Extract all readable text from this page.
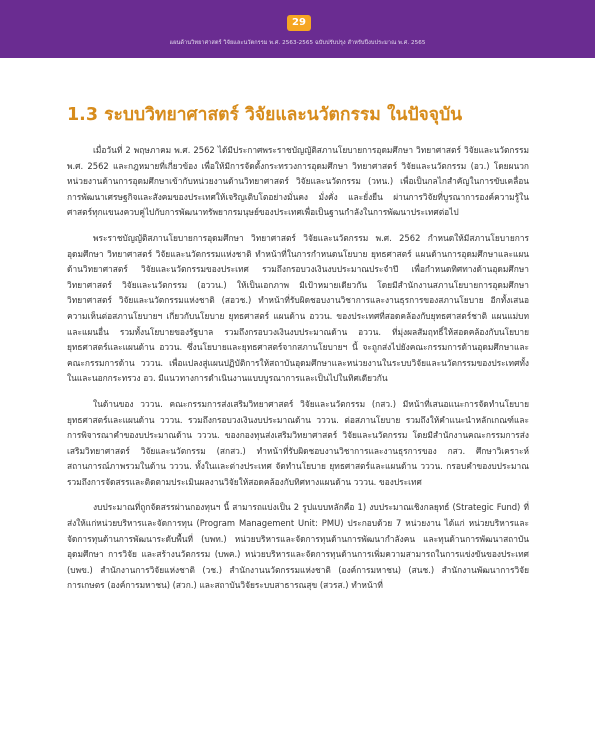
29
แผนด้านวิทยาศาสตร์ วิจัยและนวัตกรรม พ.ศ. 2563-2565 ฉบับปรับปรุง สำหรับปีงบประมาณ พ.ศ. 2565
1.3 ระบบวิทยาศาสตร์ วิจัยและนวัตกรรม ในปัจจุบัน

เมื่อวันที่ 2 พฤษภาคม พ.ศ. 2562 ได้มีประกาศพระราชบัญญัติสภานโยบายการอุดมศึกษา วิทยาศาสตร์ วิจัยและนวัตกรรม พ.ศ. 2562 และกฎหมายที่เกี่ยวข้อง เพื่อให้มีการจัดตั้งกระทรวงการอุดมศึกษา วิทยาศาสตร์ วิจัยและนวัตกรรม (อว.) โดยผนวกหน่วยงานด้านการอุดมศึกษาเข้ากับหน่วยงานด้านวิทยาศาสตร์ วิจัยและนวัตกรรม (วทน.) เพื่อเป็นกลไกสำคัญในการขับเคลื่อนการพัฒนาเศรษฐกิจและสังคมของประเทศให้เจริญเติบโตอย่างมั่นคง มั่งคั่ง และยั่งยืน ผ่านการวิจัยที่บูรณาการองค์ความรู้ในศาสตร์ทุกแขนงควบคู่ไปกับการพัฒนาทรัพยากรมนุษย์ของประเทศเพื่อเป็นฐานกำลังในการพัฒนาประเทศต่อไป

พระราชบัญญัติสภานโยบายการอุดมศึกษา วิทยาศาสตร์ วิจัยและนวัตกรรม พ.ศ. 2562 กำหนดให้มีสภานโยบายการอุดมศึกษา วิทยาศาสตร์ วิจัยและนวัตกรรมแห่งชาติ ทำหน้าที่ในการกำหนดนโยบาย ยุทธศาสตร์ แผนด้านการอุดมศึกษาและแผนด้านวิทยาศาสตร์ วิจัยและนวัตกรรมของประเทศ รวมถึงกรอบวงเงินงบประมาณประจำปี เพื่อกำหนดทิศทางด้านอุดมศึกษา วิทยาศาสตร์ วิจัยและนวัตกรรม (อววน.) ให้เป็นเอกภาพ มีเป้าหมายเดียวกัน โดยมีสำนักงานสภานโยบายการอุดมศึกษา วิทยาศาสตร์ วิจัยและนวัตกรรมแห่งชาติ (สอวช.) ทำหน้าที่รับผิดชอบงานวิชาการและงานธุรการของสภานโยบาย อีกทั้งเสนอความเห็นต่อสภานโยบายฯ เกี่ยวกับนโยบาย ยุทธศาสตร์ แผนด้าน อววน. ของประเทศที่สอดคล้องกับยุทธศาสตร์ชาติ แผนแม่บทและแผนอื่น รวมทั้งนโยบายของรัฐบาล รวมถึงกรอบวงเงินงบประมาณด้าน อววน. ที่มุ่งผลสัมฤทธิ์ให้สอดคล้องกับนโยบาย ยุทธศาสตร์และแผนด้าน อววน. ซึ่งนโยบายและยุทธศาสตร์จากสภานโยบายฯ นี้ จะถูกส่งไปยังคณะกรรมการด้านอุดมศึกษาและคณะกรรมการด้าน วววน. เพื่อแปลงสู่แผนปฏิบัติการให้สถาบันอุดมศึกษาและหน่วยงานในระบบวิจัยและนวัตกรรมของประเทศทั้งในและนอกกระทรวง อว. มีแนวทางการดำเนินงานแบบบูรณาการและเป็นไปในทิศเดียวกัน

ในด้านของ วววน. คณะกรรมการส่งเสริมวิทยาศาสตร์ วิจัยและนวัตกรรม (กสว.) มีหน้าที่เสนอแนะการจัดทำนโยบาย ยุทธศาสตร์และแผนด้าน วววน. รวมถึงกรอบวงเงินงบประมาณด้าน วววน. ต่อสภานโยบาย รวมถึงให้คำแนะนำหลักเกณฑ์และการพิจารณาคำของบประมาณด้าน วววน. ของกองทุนส่งเสริมวิทยาศาสตร์ วิจัยและนวัตกรรม โดยมีสำนักงานคณะกรรมการส่งเสริมวิทยาศาสตร์ วิจัยและนวัตกรรม (สกสว.) ทำหน้าที่รับผิดชอบงานวิชาการและงานธุรการของ กสว. ศึกษาวิเคราะห์สถานการณ์ภาพรวมในด้าน วววน. ทั้งในและต่างประเทศ จัดทำนโยบาย ยุทธศาสตร์และแผนด้าน วววน. กรอบคำของบประมาณ รวมถึงการจัดสรรและติดตามประเมินผลงานวิจัยให้สอดคล้องกับทิศทางแผนด้าน วววน. ของประเทศ

งบประมาณที่ถูกจัดสรรผ่านกองทุนฯ นี้ สามารถแบ่งเป็น 2 รูปแบบหลักคือ 1) งบประมาณเชิงกลยุทธ์ (Strategic Fund) ที่ส่งให้แก่หน่วยบริหารและจัดการทุน (Program Management Unit: PMU) ประกอบด้วย 7 หน่วยงาน ได้แก่ หน่วยบริหารและจัดการทุนด้านการพัฒนาระดับพื้นที่ (บพท.) หน่วยบริหารและจัดการทุนด้านการพัฒนากำลังคน และทุนด้านการพัฒนาสถาบันอุดมศึกษา การวิจัย และสร้างนวัตกรรม (บพค.) หน่วยบริหารและจัดการทุนด้านการเพิ่มความสามารถในการแข่งขันของประเทศ (บพข.) สำนักงานการวิจัยแห่งชาติ (วช.) สำนักงานนวัตกรรมแห่งชาติ (องค์การมหาชน) (สนช.) สำนักงานพัฒนาการวิจัยการเกษตร (องค์การมหาชน) (สวก.) และสถาบันวิจัยระบบสาธารณสุข (สวรส.) ทำหน้าที่
